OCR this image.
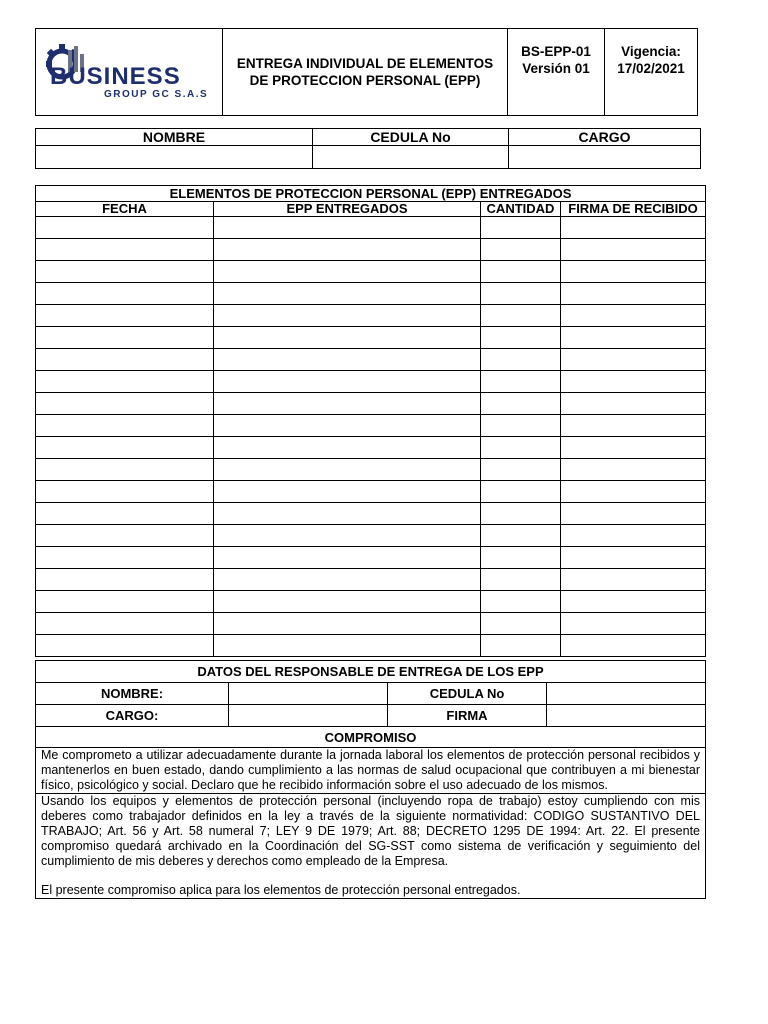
BUSINESS
GROUP GC S.A.S

ENTREGA INDIVIDUAL DE ELEMENTOS
DE PROTECCION PERSONAL (EPP)

BS-EPP-01
Versión 01

Vigencia:
17/02/2021
NOMBRE	CEDULA No	CARGO

ELEMENTOS DE PROTECCION PERSONAL (EPP) ENTREGADOS			
FECHA	EPP ENTREGADOS	CANTIDAD	FIRMA DE RECIBIDO

DATOS DEL RESPONSABLE DE ENTREGA DE LOS EPP			
NOMBRE:		CEDULA No	
CARGO:		FIRMA	
COMPROMISO
Me comprometo a utilizar adecuadamente durante la jornada laboral los elementos de protección personal recibidos y mantenerlos en buen estado, dando cumplimiento a las normas de salud ocupacional que contribuyen a mi bienestar físico, psicológico y social. Declaro que he recibido información sobre el uso adecuado de los mismos.

Usando los equipos y elementos de protección personal (incluyendo ropa de trabajo) estoy cumpliendo con mis deberes como trabajador definidos en la ley a través de la siguiente normatividad: CODIGO SUSTANTIVO DEL TRABAJO; Art. 56 y Art. 58 numeral 7; LEY 9 DE 1979; Art. 88; DECRETO 1295 DE 1994: Art. 22. El presente compromiso quedará archivado en la Coordinación del SG-SST como sistema de verificación y seguimiento del cumplimiento de mis deberes y derechos como empleado de la Empresa.
El presente compromiso aplica para los elementos de protección personal entregados.
